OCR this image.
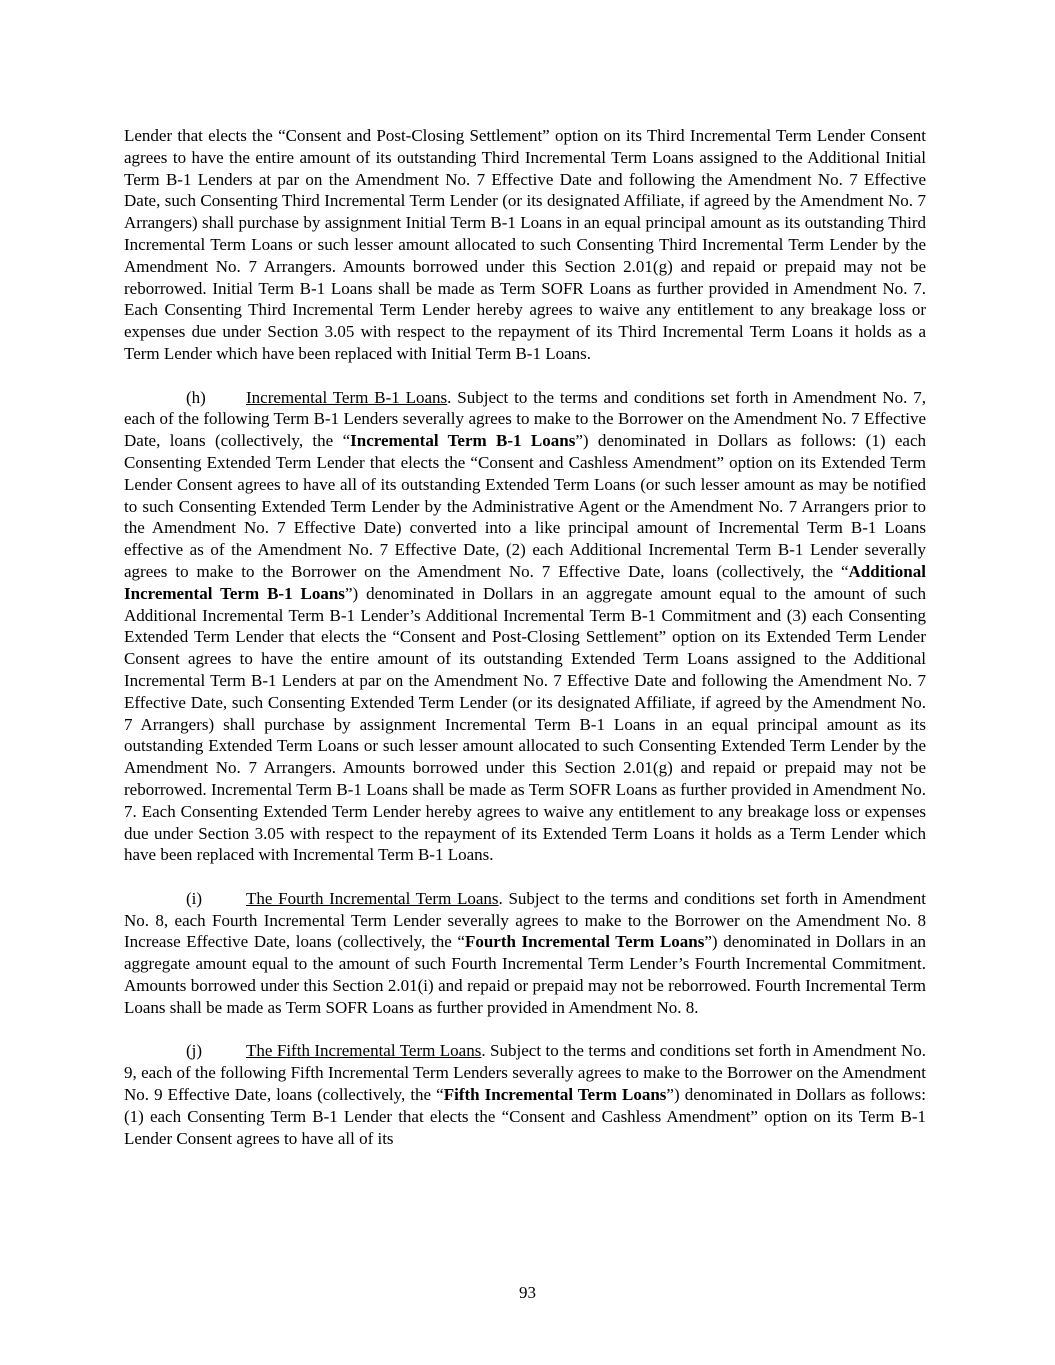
Lender that elects the “Consent and Post-Closing Settlement” option on its Third Incremental Term Lender Consent agrees to have the entire amount of its outstanding Third Incremental Term Loans assigned to the Additional Initial Term B-1 Lenders at par on the Amendment No. 7 Effective Date and following the Amendment No. 7 Effective Date, such Consenting Third Incremental Term Lender (or its designated Affiliate, if agreed by the Amendment No. 7 Arrangers) shall purchase by assignment Initial Term B-1 Loans in an equal principal amount as its outstanding Third Incremental Term Loans or such lesser amount allocated to such Consenting Third Incremental Term Lender by the Amendment No. 7 Arrangers. Amounts borrowed under this Section 2.01(g) and repaid or prepaid may not be reborrowed. Initial Term B-1 Loans shall be made as Term SOFR Loans as further provided in Amendment No. 7. Each Consenting Third Incremental Term Lender hereby agrees to waive any entitlement to any breakage loss or expenses due under Section 3.05 with respect to the repayment of its Third Incremental Term Loans it holds as a Term Lender which have been replaced with Initial Term B-1 Loans.

(h) Incremental Term B-1 Loans. Subject to the terms and conditions set forth in Amendment No. 7, each of the following Term B-1 Lenders severally agrees to make to the Borrower on the Amendment No. 7 Effective Date, loans (collectively, the “Incremental Term B-1 Loans”) denominated in Dollars as follows: (1) each Consenting Extended Term Lender that elects the “Consent and Cashless Amendment” option on its Extended Term Lender Consent agrees to have all of its outstanding Extended Term Loans (or such lesser amount as may be notified to such Consenting Extended Term Lender by the Administrative Agent or the Amendment No. 7 Arrangers prior to the Amendment No. 7 Effective Date) converted into a like principal amount of Incremental Term B-1 Loans effective as of the Amendment No. 7 Effective Date, (2) each Additional Incremental Term B-1 Lender severally agrees to make to the Borrower on the Amendment No. 7 Effective Date, loans (collectively, the “Additional Incremental Term B-1 Loans”) denominated in Dollars in an aggregate amount equal to the amount of such Additional Incremental Term B-1 Lender’s Additional Incremental Term B-1 Commitment and (3) each Consenting Extended Term Lender that elects the “Consent and Post-Closing Settlement” option on its Extended Term Lender Consent agrees to have the entire amount of its outstanding Extended Term Loans assigned to the Additional Incremental Term B-1 Lenders at par on the Amendment No. 7 Effective Date and following the Amendment No. 7 Effective Date, such Consenting Extended Term Lender (or its designated Affiliate, if agreed by the Amendment No. 7 Arrangers) shall purchase by assignment Incremental Term B-1 Loans in an equal principal amount as its outstanding Extended Term Loans or such lesser amount allocated to such Consenting Extended Term Lender by the Amendment No. 7 Arrangers. Amounts borrowed under this Section 2.01(g) and repaid or prepaid may not be reborrowed. Incremental Term B-1 Loans shall be made as Term SOFR Loans as further provided in Amendment No. 7. Each Consenting Extended Term Lender hereby agrees to waive any entitlement to any breakage loss or expenses due under Section 3.05 with respect to the repayment of its Extended Term Loans it holds as a Term Lender which have been replaced with Incremental Term B-1 Loans.

(i)	The Fourth Incremental Term Loans. Subject to the terms and conditions set forth in Amendment No. 8, each Fourth Incremental Term Lender severally agrees to make to the Borrower on the Amendment No. 8 Increase Effective Date, loans (collectively, the “Fourth Incremental Term Loans”) denominated in Dollars in an aggregate amount equal to the amount of such Fourth Incremental Term Lender’s Fourth Incremental Commitment. Amounts borrowed under this Section 2.01(i) and repaid or prepaid may not be reborrowed. Fourth Incremental Term Loans shall be made as Term SOFR Loans as further provided in Amendment No. 8.

(j)	The Fifth Incremental Term Loans. Subject to the terms and conditions set forth in Amendment No. 9, each of the following Fifth Incremental Term Lenders severally agrees to make to the Borrower on the Amendment No. 9 Effective Date, loans (collectively, the “Fifth Incremental Term Loans”) denominated in Dollars as follows: (1) each Consenting Term B-1 Lender that elects the “Consent and Cashless Amendment” option on its Term B-1 Lender Consent agrees to have all of its

93
